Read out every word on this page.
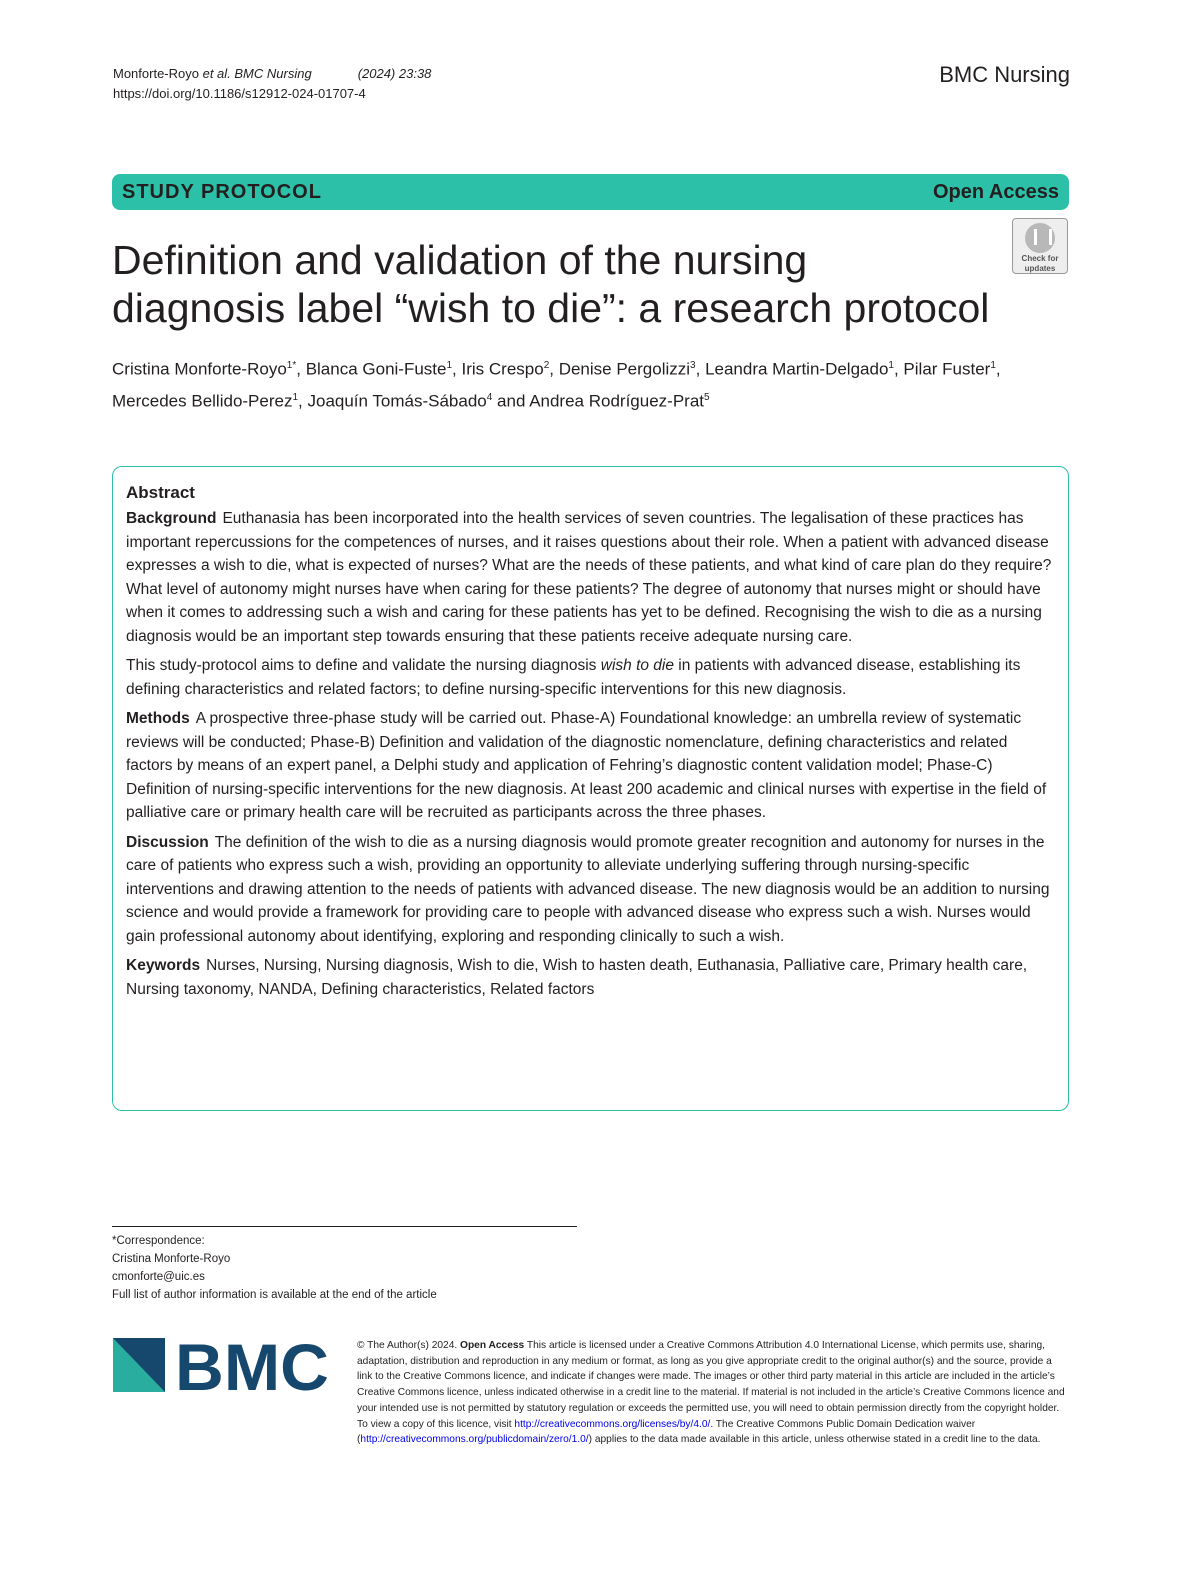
Monforte-Royo et al. BMC Nursing	(2024) 23:38
https://doi.org/10.1186/s12912-024-01707-4
BMC Nursing
STUDY PROTOCOL	Open Access
Check for
updates
Definition and validation of the nursing
diagnosis label “wish to die”: a research protocol
Cristina Monforte-Royo$^{1*}$, Blanca Goni-Fuste$^1$, Iris Crespo$^2$, Denise Pergolizzi$^3$, Leandra Martin-Delgado$^1$, Pilar Fuster$^1$, Mercedes Bellido-Perez$^1$, Joaquín Tomás-Sábado$^4$ and Andrea Rodríguez-Prat$^5$
Abstract

Background Euthanasia has been incorporated into the health services of seven countries. The legalisation of these practices has important repercussions for the competences of nurses, and it raises questions about their role. When a patient with advanced disease expresses a wish to die, what is expected of nurses? What are the needs of these patients, and what kind of care plan do they require? What level of autonomy might nurses have when caring for these patients? The degree of autonomy that nurses might or should have when it comes to addressing such a wish and caring for these patients has yet to be defined. Recognising the wish to die as a nursing diagnosis would be an important step towards ensuring that these patients receive adequate nursing care.

This study-protocol aims to define and validate the nursing diagnosis wish to die in patients with advanced disease, establishing its defining characteristics and related factors; to define nursing-specific interventions for this new diagnosis.

Methods A prospective three-phase study will be carried out. Phase-A) Foundational knowledge: an umbrella review of systematic reviews will be conducted; Phase-B) Definition and validation of the diagnostic nomenclature, defining characteristics and related factors by means of an expert panel, a Delphi study and application of Fehring’s diagnostic content validation model; Phase-C) Definition of nursing-specific interventions for the new diagnosis. At least 200 academic and clinical nurses with expertise in the field of palliative care or primary health care will be recruited as participants across the three phases.

Discussion The definition of the wish to die as a nursing diagnosis would promote greater recognition and autonomy for nurses in the care of patients who express such a wish, providing an opportunity to alleviate underlying suffering through nursing-specific interventions and drawing attention to the needs of patients with advanced disease. The new diagnosis would be an addition to nursing science and would provide a framework for providing care to people with advanced disease who express such a wish. Nurses would gain professional autonomy about identifying, exploring and responding clinically to such a wish.

Keywords Nurses, Nursing, Nursing diagnosis, Wish to die, Wish to hasten death, Euthanasia, Palliative care, Primary health care, Nursing taxonomy, NANDA, Defining characteristics, Related factors

*Correspondence:
Cristina Monforte-Royo
cmonforte@uic.es
Full list of author information is available at the end of the article
BMC	© The Author(s) 2024. Open Access This article is licensed under a Creative Commons Attribution 4.0 International License, which permits use, sharing, adaptation, distribution and reproduction in any medium or format, as long as you give appropriate credit to the original author(s) and the source, provide a link to the Creative Commons licence, and indicate if changes were made. The images or other third party material in this article are included in the article’s Creative Commons licence, unless indicated otherwise in a credit line to the material. If material is not included in the article’s Creative Commons licence and your intended use is not permitted by statutory regulation or exceeds the permitted use, you will need to obtain permission directly from the copyright holder. To view a copy of this licence, visit http://creativecommons.org/licenses/by/4.0/. The Creative Commons Public Domain Dedication waiver (http://creativecommons.org/publicdomain/zero/1.0/) applies to the data made available in this article, unless otherwise stated in a credit line to the data.
